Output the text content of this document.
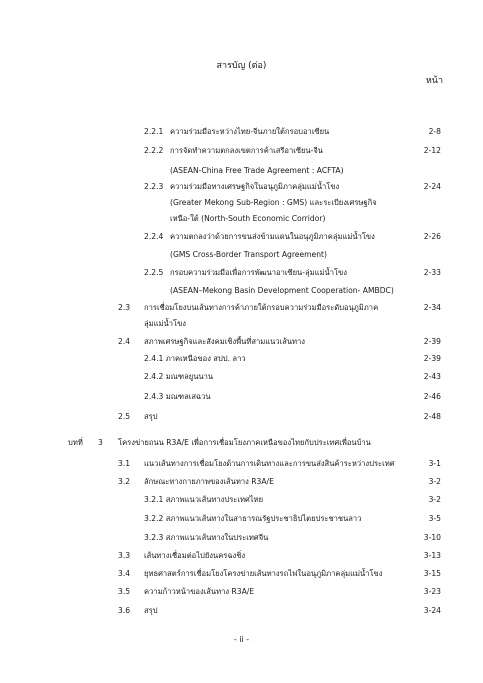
สารบัญ (ต่อ)
หน้า
2.2.1 ความร่วมมือระหว่างไทย-จีนภายใต้กรอบอาเซียน	2-8
2.2.2 การจัดทำความตกลงเขตการค้าเสรีอาเซียน-จีน	2-12
(ASEAN-China Free Trade Agreement : ACFTA)
2.2.3 ความร่วมมือทางเศรษฐกิจในอนุภูมิภาคลุ่มแม่น้ำโขง	2-24
(Greater Mekong Sub-Region : GMS) และระเบียงเศรษฐกิจ
เหนือ-ใต้ (North-South Economic Corridor)
2.2.4 ความตกลงว่าด้วยการขนส่งข้ามแดนในอนุภูมิภาคลุ่มแม่น้ำโขง	2-26
(GMS Cross-Border Transport Agreement)
2.2.5 กรอบความร่วมมือเพื่อการพัฒนาอาเซียน-ลุ่มแม่น้ำโขง	2-33
(ASEAN–Mekong Basin Development Cooperation- AMBDC)
2.3 การเชื่อมโยงบนเส้นทางการค้าภายใต้กรอบความร่วมมือระดับอนุภูมิภาค	2-34
ลุ่มแม่น้ำโขง
2.4 สภาพเศรษฐกิจและสังคมเชิงพื้นที่สามแนวเส้นทาง	2-39
2.4.1 ภาคเหนือของ สปป. ลาว	2-39
2.4.2 มณฑลยูนนาน	2-43
2.4.3 มณฑลเสฉวน	2-46
2.5 สรุป	2-48
บทที่ 3 โครงข่ายถนน R3A/E เพื่อการเชื่อมโยงภาคเหนือของไทยกับประเทศเพื่อนบ้าน
3.1 แนวเส้นทางการเชื่อมโยงด้านการเดินทางและการขนส่งสินค้าระหว่างประเทศ	3-1
3.2 ลักษณะทางกายภาพของเส้นทาง R3A/E	3-2
3.2.1 สภาพแนวเส้นทางประเทศไทย	3-2
3.2.2 สภาพแนวเส้นทางในสาธารณรัฐประชาธิปไตยประชาชนลาว	3-5
3.2.3 สภาพแนวเส้นทางในประเทศจีน	3-10
3.3 เส้นทางเชื่อมต่อไปยังนครฉงชิ่ง	3-13
3.4 ยุทธศาสตร์การเชื่อมโยงโครงข่ายเส้นทางรถไฟในอนุภูมิภาคลุ่มแม่น้ำโขง	3-15
3.5 ความก้าวหน้าของเส้นทาง R3A/E	3-23
3.6 สรุป	3-24
- ii -
